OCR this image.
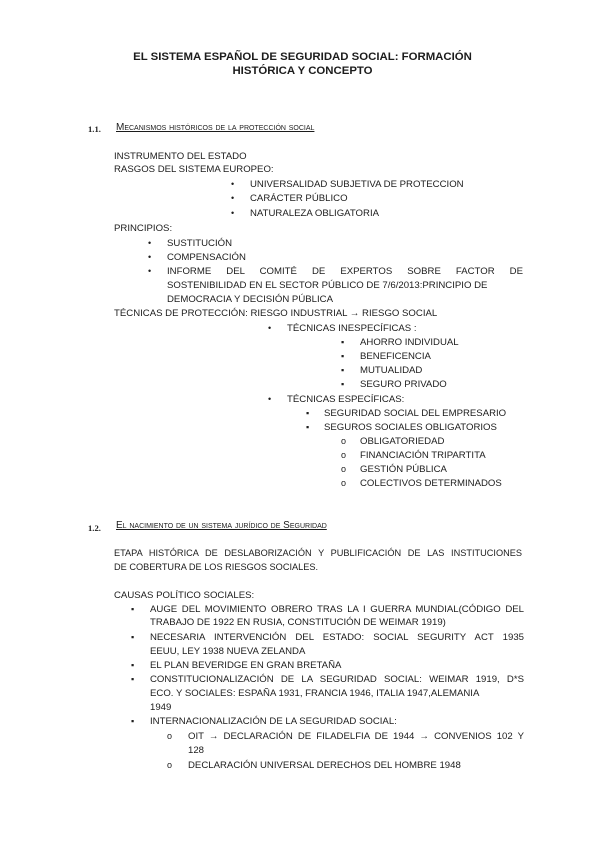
EL SISTEMA ESPAÑOL DE SEGURIDAD SOCIAL: FORMACIÓN
HISTÓRICA Y CONCEPTO
1.1. Mecanismos históricos de la protección social
INSTRUMENTO DEL ESTADO
RASGOS DEL SISTEMA EUROPEO:
• UNIVERSALIDAD SUBJETIVA DE PROTECCION
• CARÁCTER PÚBLICO
• NATURALEZA OBLIGATORIA
PRINCIPIOS:
• SUSTITUCIÓN
• COMPENSACIÓN
• INFORME DEL COMITÉ DE EXPERTOS SOBRE FACTOR DE
SOSTENIBILIDAD EN EL SECTOR PÚBLICO DE 7/6/2013:PRINCIPIO DE
DEMOCRACIA Y DECISIÓN PÚBLICA
TÉCNICAS DE PROTECCIÓN: RIESGO INDUSTRIAL → RIESGO SOCIAL
• TÉCNICAS INESPECÍFICAS :
▪ AHORRO INDIVIDUAL
▪ BENEFICENCIA
▪ MUTUALIDAD
▪ SEGURO PRIVADO
• TÉCNICAS ESPECÍFICAS:
▪ SEGURIDAD SOCIAL DEL EMPRESARIO
▪ SEGUROS SOCIALES OBLIGATORIOS
o OBLIGATORIEDAD
o FINANCIACIÓN TRIPARTITA
o GESTIÓN PÚBLICA
o COLECTIVOS DETERMINADOS
1.2. El nacimiento de un sistema jurídico de Seguridad
ETAPA HISTÓRICA DE DESLABORIZACIÓN Y PUBLIFICACIÓN DE LAS INSTITUCIONES
DE COBERTURA DE LOS RIESGOS SOCIALES.
CAUSAS POLÍTICO SOCIALES:
▪ AUGE DEL MOVIMIENTO OBRERO TRAS LA I GUERRA MUNDIAL(CÓDIGO DEL
TRABAJO DE 1922 EN RUSIA, CONSTITUCIÓN DE WEIMAR 1919)
▪ NECESARIA INTERVENCIÓN DEL ESTADO: SOCIAL SEGURITY ACT 1935
EEUU, LEY 1938 NUEVA ZELANDA
▪ EL PLAN BEVERIDGE EN GRAN BRETAÑA
▪ CONSTITUCIONALIZACIÓN DE LA SEGURIDAD SOCIAL: WEIMAR 1919, D*S
ECO. Y SOCIALES: ESPAÑA 1931, FRANCIA 1946, ITALIA 1947,ALEMANIA
1949
▪ INTERNACIONALIZACIÓN DE LA SEGURIDAD SOCIAL:
o OIT → DECLARACIÓN DE FILADELFIA DE 1944 → CONVENIOS 102 Y
128
o DECLARACIÓN UNIVERSAL DERECHOS DEL HOMBRE 1948
